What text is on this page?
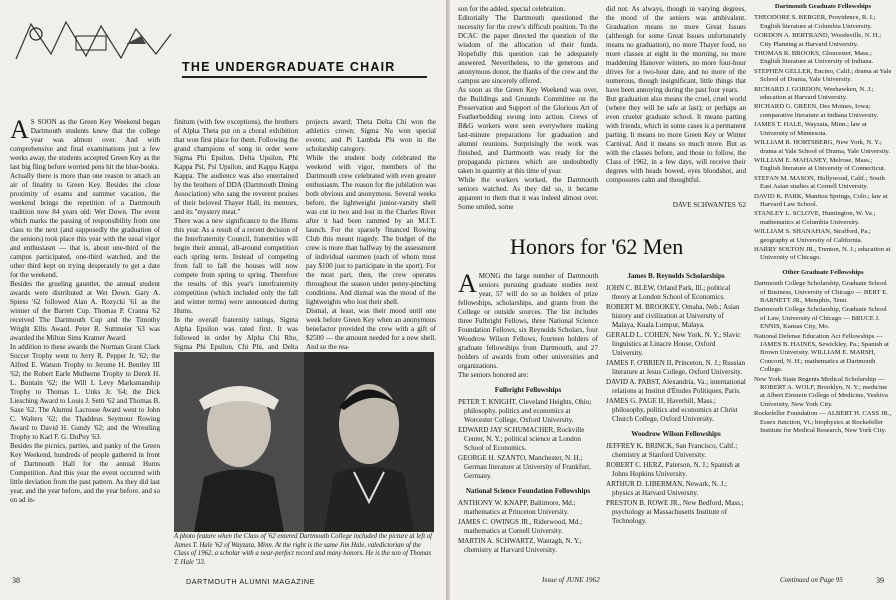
THE UNDERGRADUATE CHAIR
A S SOON as the Green Key Weekend began Dartmouth students knew that the college year was almost over. And with comprehensive and final examinations just a few weeks away, the students accepted Green Key as the last big fling before worried pens hit the blue-books.
Actually there is more than one reason to attach an air of finality to Green Key. Besides the close proximity of exams and summer vacation, the weekend brings the repetition of a Dartmouth tradition now 84 years old: Wet Down. The event which marks the passing of responsibility from one class to the next (and supposedly the graduation of the seniors) took place this year with the usual vigor and enthusiasm — that is, about one-third of the campus participated, one-third watched, and the other third kept on trying desperately to get a date for the weekend.
Besides the grueling gauntlet, the annual student awards were distributed at Wet Down. Gary A. Spiess '62 followed Alan A. Rozycki '61 as the winner of the Barrett Cup. Thomas P. Cranna '62 received The Dartmouth Cup and the Timothy Wright Ellis Award. Peter R. Suttmeier '63 was awarded the Milton Sims Kramer Award.
In addition to these awards the Norman Grant Clark Soccer Trophy went to Jerry R. Pepper Jr. '62; the Alfred E. Watson Trophy to Jerome H. Bentley III '62; the Robert Earle Mulherne Trophy to Derek H. L. Buntain '62; the Will L Levy Marksmanship Trophy to Thomas L. Unks Jr. '64; the Dick Liesching Award to Louis J. Setti '62 and Thomas B. Saxe '62. The Alumni Lacrosse Award went to John C. Walters '62; the Thaddeus Seymour Rowing Award to David H. Gundy '62; and the Wrestling Trophy to Karl F. G. DuPuy '63.
Besides the picnics, parties, and panky of the Green Key Weekend, hundreds of people gathered in front of Dartmouth Hall for the annual Hums Competition. And this year the event occurred with little deviation from the past pattern. As they did last year, and the year before, and the year before, and so on ad in-
finitum (with few exceptions), the brothers of Alpha Theta put on a choral exhibition that won first place for them. Following the grand champions of song in order were Sigma Phi Epsilon, Delta Upsilon, Phi Kappa Psi, Psi Upsilon, and Kappa Kappa Kappa. The audience was also entertained by the brothers of DDA (Dartmouth Dining Association) who sang the reverent praises of their beloved Thayer Hall, its mentors, and its "mystery meat."
There was a new significance to the Hums this year. As a result of a recent decision of the Interfraternity Council, fraternities will begin their annual, all-around competition each spring term. Instead of competing from fall to fall the houses will now compete from spring to spring. Therefore the results of this year's interfraternity competition (which included only the fall and winter terms) were announced during Hums.
In the overall fraternity ratings, Sigma Alpha Epsilon was rated first. It was followed in order by Alpha Chi Rho, Sigma Phi Epsilon, Chi Phi, and Delta
projects award; Theta Delta Chi won the athletics crown; Sigma Nu won special events; and Pi Lambda Phi won in the scholarship category.
While the student body celebrated the weekend with vigor, members of the Dartmouth crew celebrated with even greater enthusiasm. The reason for the jubilation was both obvious and anonymous. Several weeks before, the lightweight junior-varsity shell was cut in two and lost in the Charles River after it had been rammed by an M.I.T. launch. For the sparsely financed Rowing Club this meant tragedy. The budget of the crew is more than halfway by the assessment of individual oarsmen (each of whom must pay $100 just to participate in the sport). For the most part, then, the crew operates throughout the season under penny-pinching conditions. And dismal was the mood of the lightweights who lost their shell.
Dismal, at least, was their mood until one week before Green Key when an anonymous benefactor provided the crew with a gift of $2500 — the amount needed for a new shell. And so the rea-
A photo feature when the Class of '62 entered Dartmouth College included the picture at left of James T. Hale '62 of Wayzata, Minn. At the right is the same Jim Hale, valedictorian of the Class of 1962, a scholar with a near-perfect record and many honors. He is the son of Thomas T. Hale '33.
38	DARTMOUTH ALUMNI MAGAZINE
son for the added, special celebration.
Editorially The Dartmouth questioned the necessity for the crew's difficult position. To the DCAC the paper directed the question of the wisdom of the allocation of their funds. Hopefully this question can be adequately answered. Nevertheless, to the generous and anonymous donor, the thanks of the crew and the campus are sincerely offered.
As soon as the Green Key Weekend was over, the Buildings and Grounds Committee on the Preservation and Support of the Glorious Art of Featherbedding swung into action. Crews of B&G workers were seen everywhere making last-minute preparations for graduation and alumni reunions. Surprisingly the work was finished, and Dartmouth was ready for the propaganda pictures which are undoubtedly taken in quantity at this time of year.
While the workers worked, the Dartmouth seniors watched. As they did so, it became apparent to them that it was indeed almost over. Some smiled, some
did not. As always, though in varying degrees, the mood of the seniors was ambivalent. Graduation means no more Great Issues (although for some Great Issues unfortunately means no graduation), no more Thayer food, no more classes at eight in the morning, no more maddening Hanover winters, no more four-hour drives for a two-hour date, and no more of the numerous, though insignificant, little things that have been annoying during the past four years.
But graduation also means the cruel, cruel world (where they will be safe at last); or perhaps an even crueler graduate school. It means parting with friends, which in some cases is a permanent parting. It means no more Green Key or Winter Carnival. And it means so much more. But as with the classes before, and those to follow, the Class of 1962, in a few days, will receive their degrees with heads bowed, eyes bloodshot, and composures calm and thoughtful.
DAVE SCHWANTES '62
Honors for '62 Men
AMONG the large number of Dartmouth seniors pursuing graduate studies next year, 57 will do so as holders of prize fellowships, scholarships, and grants from the College or outside sources. The list includes three Fulbright Fellows, three National Science Foundation Fellows, six Reynolds Scholars, four Woodrow Wilson Fellows, fourteen holders of graduate fellowships from Dartmouth, and 27 holders of awards from other universities and organizations.
The seniors honored are:
Fulbright Fellowships
PETER T. KNIGHT, Cleveland Heights, Ohio; philosophy, politics and economics at Worcester College, Oxford University.
EDWARD JAY SCHUMACHER, Rockville Center, N. Y.; political science at London School of Economics.
GEORGE H. SZANTO, Manchester, N. H.; German literature at University of Frankfurt, Germany.
National Science Foundation Fellowships
ANTHONY W. KNAPP, Baltimore, Md.; mathematics at Princeton University.
JAMES C. OWINGS JR., Riderwood, Md.; mathematics at Cornell University.
MARTIN A. SCHWARTZ, Wantagh, N. Y.; chemistry at Harvard University.
James B. Reynolds Scholarships
JOHN C. BLEW, Orland Park, Ill.; political theory at London School of Economics.
ROBERT M. BROOKEY, Omaha, Neb.; Asian history and civilization at University of Malaya, Kuala Lumpur, Malaya.
GERALD L. COHEN, New York, N. Y.; Slavic linguistics at Linacre House, Oxford University.
JAMES F. O'BRIEN II, Princeton, N. J.; Russian literature at Jesus College, Oxford University.
DAVID A. PABST, Alexandria, Va.; international relations at Institut d'Études Politiques, Paris.
JAMES G. PAGE II, Haverhill, Mass.; philosophy, politics and economics at Christ Church College, Oxford University.
Woodrow Wilson Fellowships
JEFFREY K. BRINCK, San Francisco, Calif.; chemistry at Stanford University.
ROBERT C. HERZ, Paterson, N. J.; Spanish at Johns Hopkins University.
ARTHUR D. LIBERMAN, Newark, N. J.; physics at Harvard University.
PRESTON B. ROWE JR., New Bedford, Mass.; psychology at Massachusetts Institute of Technology.
Dartmouth Graduate Fellowships
THEODORE S. BERGER, Providence, R. I.; English literature at Columbia University.
GORDON A. BERTRAND, Woodsville, N. H.; City Planning at Harvard University.
THOMAS R. BROOKS, Gloucester, Mass.; English literature at University of Indiana.
STEPHEN GELLER, Encino, Calif.; drama at Yale School of Drama, Yale University.
RICHARD J. GORDON, Weehawken, N. J.; education at Harvard University.
RICHARD G. GREEN, Des Moines, Iowa; comparative literature at Indiana University.
JAMES T. HALE, Wayzata, Minn.; law at University of Minnesota.
WILLIAM R. HORTSBERG, New York, N. Y.; drama at Yale School of Drama, Yale University.
WILLIAM E. MAHANEY, Melrose, Mass.; English literature at University of Connecticut.
STEFAN M. MASON, Hollywood, Calif.; South East Asian studies at Cornell University.
DAVID K. PARK, Manitou Springs, Colo.; law at Harvard Law School.
STANLEY L. SCLOVE, Huntington, W. Va.; mathematics at Columbia University.
WILLIAM S. SHANAHAN, Strafford, Pa.; geography at University of California.
HARRY SOLTON JR., Trenton, N. J.; education at University of Chicago.
Other Graduate Fellowships
Dartmouth College Scholarship, Graduate School of Business, University of Chicago — BERT E. BARNETT JR., Memphis, Tenn.
Dartmouth College Scholarship, Graduate School of Law, University of Chicago — BRUCE J. ENNIS, Kansas City, Mo.
National Defense Education Act Fellowships — JAMES B. HAINES, Sewickley, Pa.; Spanish at Brown University. WILLIAM E. MARSH, Concord, N. H.; mathematics at Dartmouth College.
New York State Regents Medical Scholarship — ROBERT A. WOLF, Brooklyn, N. Y.; medicine at Albert Einstein College of Medicine, Yeshiva University, New York City.
Rockefeller Foundation — ALBERT H. CASS JR., Essex Junction, Vt.; biophysics at Rockefeller Institute for Medical Research, New York City.
Issue of JUNE 1962	Continued on Page 95	39
